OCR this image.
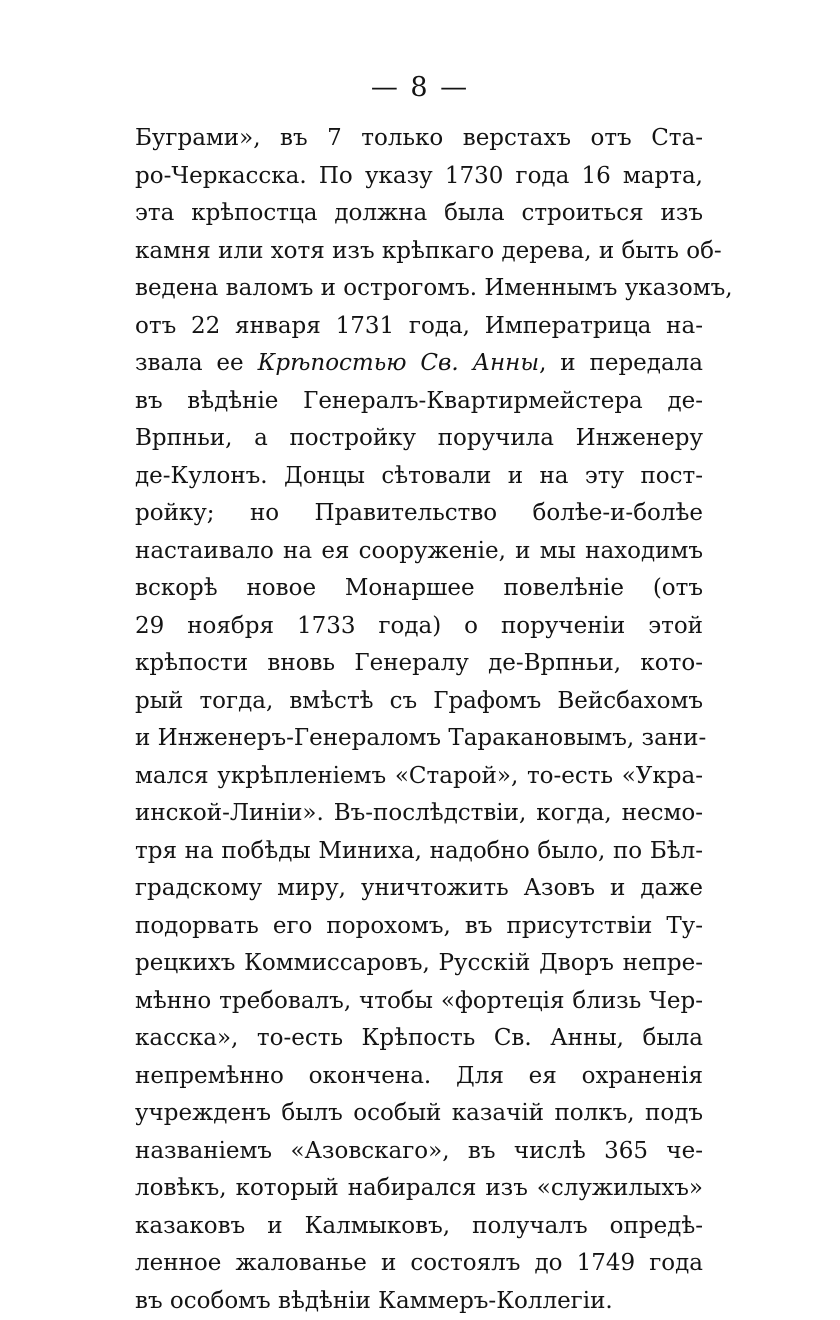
— 8 —
Буграми», въ 7 только верстахъ отъ Ста-
ро-Черкасска. По указу 1730 года 16 марта,
эта крѣпостца должна была строиться изъ
камня или хотя изъ крѣпкаго дерева, и быть об-
ведена валомъ и острогомъ. Именнымъ указомъ,
отъ 22 января 1731 года, Императрица на-
звала ее Крѣпостью Св. Анны, и передала
въ вѣдѣніе Генералъ-Квартирмейстера де-
Врпньи, а постройку поручила Инженеру
де-Кулонъ. Донцы сѣтовали и на эту пост-
ройку; но Правительство болѣе-и-болѣе
настаивало на ея сооруженіе, и мы находимъ
вскорѣ новое Монаршее повелѣніе (отъ
29 ноября 1733 года) о порученіи этой
крѣпости вновь Генералу де-Врпньи, кото-
рый тогда, вмѣстѣ съ Графомъ Вейсбахомъ
и Инженеръ-Генераломъ Таракановымъ, зани-
мался укрѣпленіемъ «Старой», то-есть «Укра-
инской-Линіи». Въ-послѣдствіи, когда, несмо-
тря на побѣды Миниха, надобно было, по Бѣл-
градскому миру, уничтожить Азовъ и даже
подорвать его порохомъ, въ присутствіи Ту-
рецкихъ Коммиссаровъ, Русскій Дворъ непре-
мѣнно требовалъ, чтобы «фортеція близь Чер-
касска», то-есть Крѣпость Св. Анны, была
непремѣнно окончена. Для ея охраненія
учрежденъ былъ особый казачій полкъ, подъ
названіемъ «Азовскаго», въ числѣ 365 че-
ловѣкъ, который набирался изъ «служилыхъ»
казаковъ и Калмыковъ, получалъ опредѣ-
ленное жалованье и состоялъ до 1749 года
въ особомъ вѣдѣніи Каммеръ-Коллегіи.
